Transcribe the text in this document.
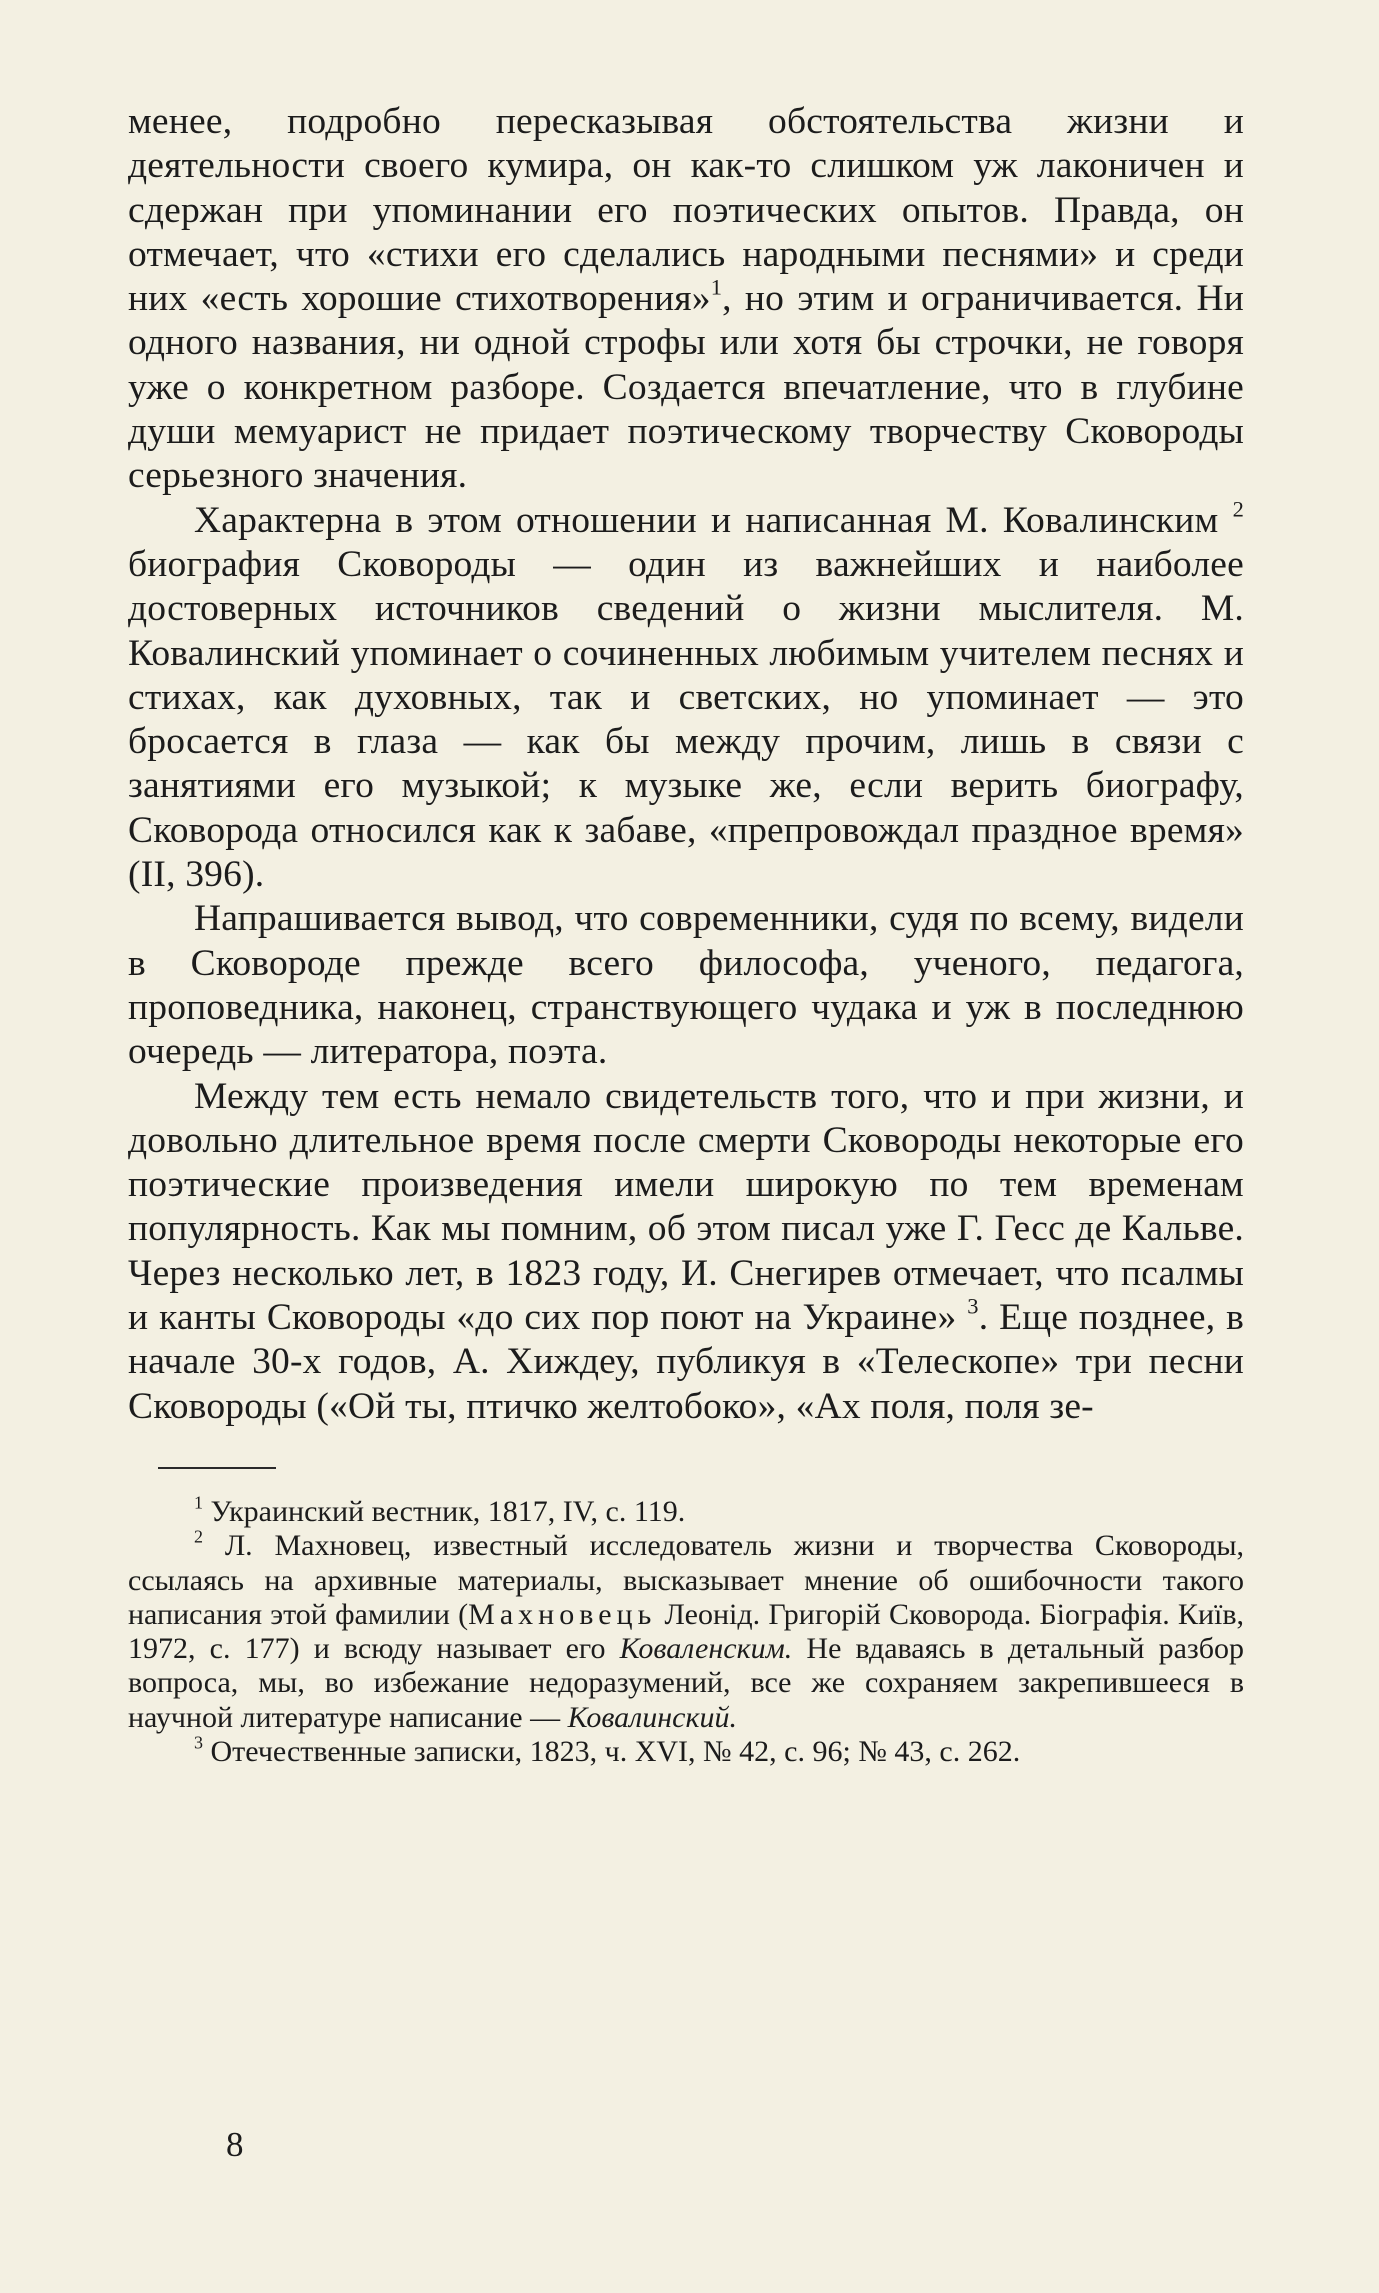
менее, подробно пересказывая обстоятельства жизни и деятельности своего кумира, он как-то слишком уж лаконичен и сдержан при упоминании его поэтических опытов. Правда, он отмечает, что «стихи его сделались народными песнями» и среди них «есть хорошие стихотворения»$^1$, но этим и ограничивается. Ни одного названия, ни одной строфы или хотя бы строчки, не говоря уже о конкретном разборе. Создается впечатление, что в глубине души мемуарист не придает поэтическому творчеству Сковороды серьезного значения.

Характерна в этом отношении и написанная М. Ковалинским $^2$ биография Сковороды — один из важнейших и наиболее достоверных источников сведений о жизни мыслителя. М. Ковалинский упоминает о сочиненных любимым учителем песнях и стихах, как духовных, так и светских, но упоминает — это бросается в глаза — как бы между прочим, лишь в связи с занятиями его музыкой; к музыке же, если верить биографу, Сковорода относился как к забаве, «препровождал праздное время» (II, 396).

Напрашивается вывод, что современники, судя по всему, видели в Сковороде прежде всего философа, ученого, педагога, проповедника, наконец, странствующего чудака и уж в последнюю очередь — литератора, поэта.

Между тем есть немало свидетельств того, что и при жизни, и довольно длительное время после смерти Сковороды некоторые его поэтические произведения имели широкую по тем временам популярность. Как мы помним, об этом писал уже Г. Гесс де Кальве. Через несколько лет, в 1823 году, И. Снегирев отмечает, что псалмы и канты Сковороды «до сих пор поют на Украине» $^3$. Еще позднее, в начале 30-х годов, А. Хиждеу, публикуя в «Телескопе» три песни Сковороды («Ой ты, птичко желтобоко», «Ах поля, поля зе-

$^1$ Украинский вестник, 1817, IV, с. 119.

$^2$ Л. Махновец, известный исследователь жизни и творчества Сковороды, ссылаясь на архивные материалы, высказывает мнение об ошибочности такого написания этой фамилии (Махновець Леонід. Григорій Сковорода. Біографія. Київ, 1972, с. 177) и всюду называет его Коваленским. Не вдаваясь в детальный разбор вопроса, мы, во избежание недоразумений, все же сохраняем закрепившееся в научной литературе написание — Ковалинский.

$^3$ Отечественные записки, 1823, ч. XVI, № 42, с. 96; № 43, с. 262.

8
